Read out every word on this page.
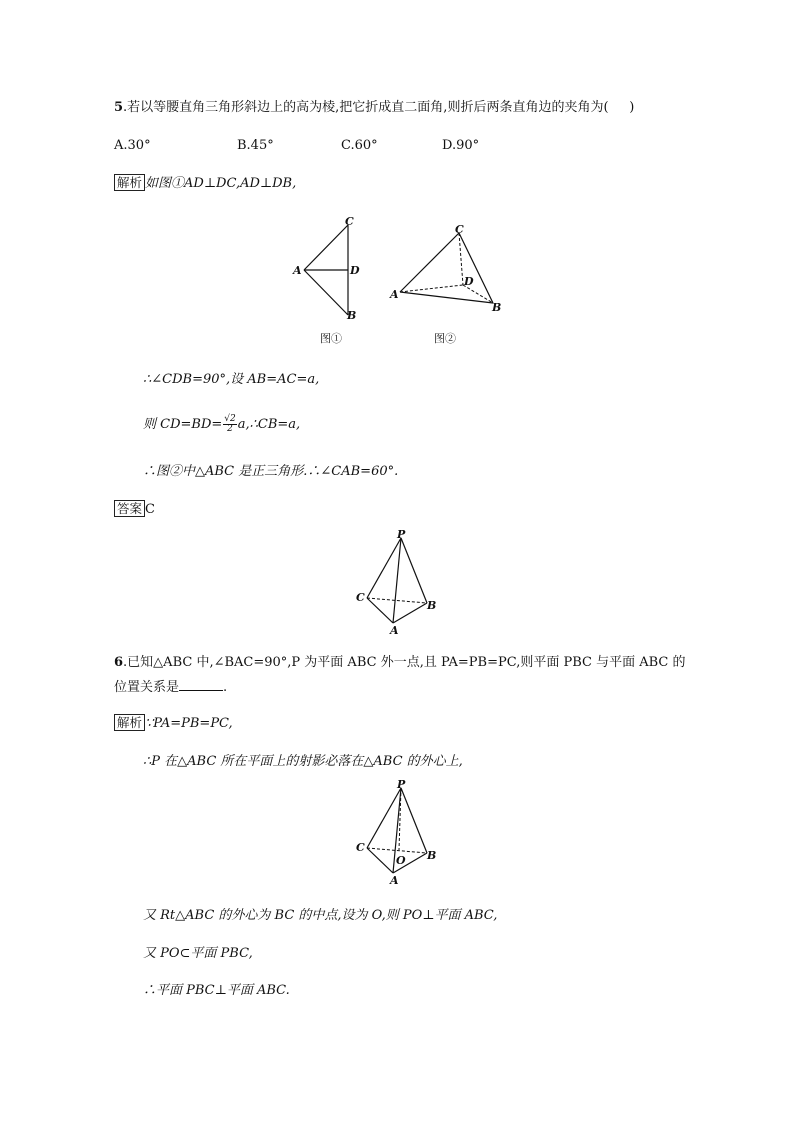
5.若以等腰直角三角形斜边上的高为棱,把它折成直二面角,则折后两条直角边的夹角为( )
A.30°	B.45°	C.60°	D.90°
解析 如图①AD⊥DC,AD⊥DB,
C
A	D
B
图①
C
A
D
B
图②
∴∠CDB=90°,设 AB=AC=a,
则 $CD=BD= \frac{√2}{2}$ a,∴CB=a,
∴图②中△ABC 是正三角形.∴∠CAB=60°.
答案 C
P
C
B
A
6.已知△ABC 中,∠BAC=90°,P 为平面 ABC 外一点,且 PA=PB=PC,则平面 PBC 与平面 ABC 的
位置关系是	.
解析 ∵PA=PB=PC,
∴P 在△ABC 所在平面上的射影必落在△ABC 的外心上,
P
C
B
O
A
又 Rt△ABC 的外心为 BC 的中点,设为 O,则 PO⊥平面 ABC,
又 PO⊂平面 PBC,
∴平面 PBC⊥平面 ABC.
